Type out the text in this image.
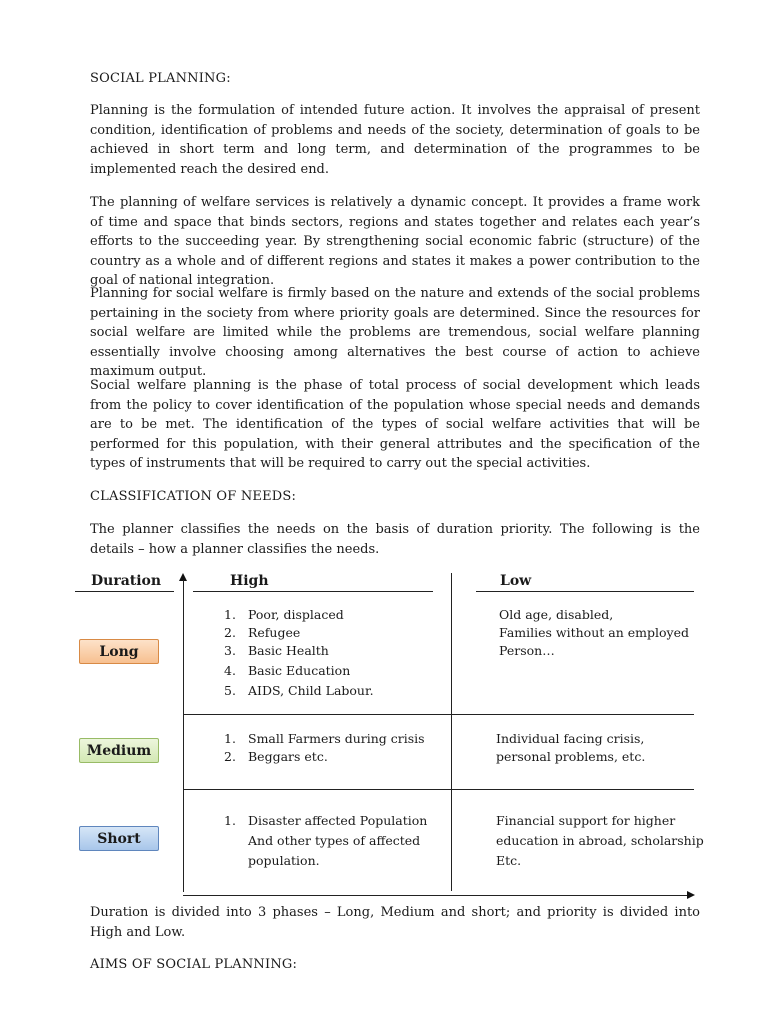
SOCIAL PLANNING:

Planning is the formulation of intended future action. It involves the appraisal of present condition, identification of problems and needs of the society, determination of goals to be achieved in short term and long term, and determination of the programmes to be implemented reach the desired end.

The planning of welfare services is relatively a dynamic concept. It provides a frame work of time and space that binds sectors, regions and states together and relates each year’s efforts to the succeeding year. By strengthening social economic fabric (structure) of the country as a whole and of different regions and states it makes a power contribution to the goal of national integration.

Planning for social welfare is firmly based on the nature and extends of the social problems pertaining in the society from where priority goals are determined. Since the resources for social welfare are limited while the problems are tremendous, social welfare planning essentially involve choosing among alternatives the best course of action to achieve maximum output.

Social welfare planning is the phase of total process of social development which leads from the policy to cover identification of the population whose special needs and demands are to be met. The identification of the types of social welfare activities that will be performed for this population, with their general attributes and the specification of the types of instruments that will be required to carry out the special activities.

CLASSIFICATION OF NEEDS:

The planner classifies the needs on the basis of duration priority. The following is the details – how a planner classifies the needs.

Duration	High	Low

Long
1. Poor, displaced
2. Refugee
3. Basic Health
4. Basic Education
5. AIDS, Child Labour.
Old age, disabled,
Families without an employed
Person…
Medium
1. Small Farmers during crisis
2. Beggars etc.
Individual facing crisis,
personal problems, etc.
Short
1. Disaster affected Population
And other types of affected
population.
Financial support for higher
education in abroad, scholarship
Etc.

Duration is divided into 3 phases – Long, Medium and short; and priority is divided into High and Low.

AIMS OF SOCIAL PLANNING:
